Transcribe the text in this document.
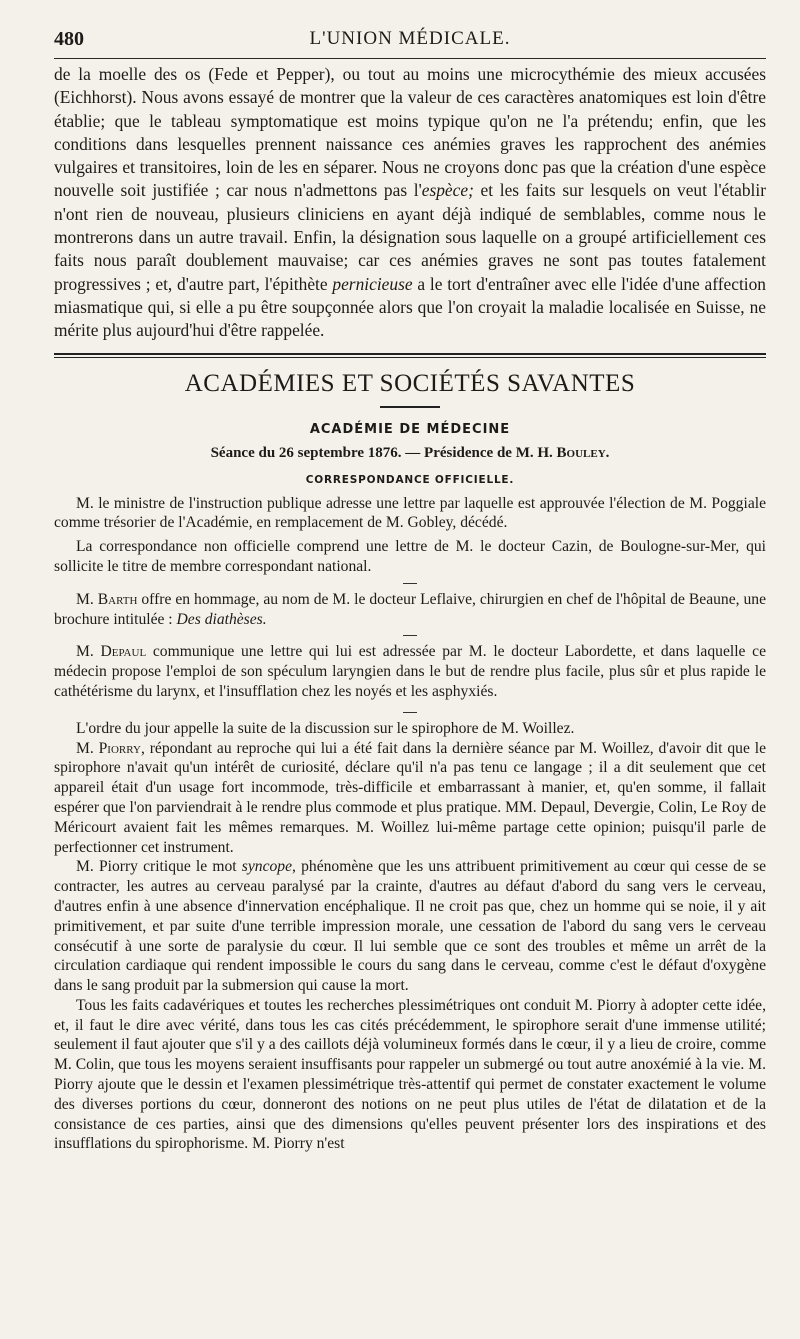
480	L'UNION MÉDICALE.

de la moelle des os (Fede et Pepper), ou tout au moins une microcythémie des mieux accusées (Eichhorst). Nous avons essayé de montrer que la valeur de ces caractères anatomiques est loin d'être établie; que le tableau symptomatique est moins typique qu'on ne l'a prétendu; enfin, que les conditions dans lesquelles prennent naissance ces anémies graves les rapprochent des anémies vulgaires et transitoires, loin de les en séparer. Nous ne croyons donc pas que la création d'une espèce nouvelle soit justifiée ; car nous n'admettons pas l'espèce; et les faits sur lesquels on veut l'établir n'ont rien de nouveau, plusieurs cliniciens en ayant déjà indiqué de semblables, comme nous le montrerons dans un autre travail. Enfin, la désignation sous laquelle on a groupé artificiellement ces faits nous paraît doublement mauvaise; car ces anémies graves ne sont pas toutes fatalement progressives ; et, d'autre part, l'épithète pernicieuse a le tort d'entraîner avec elle l'idée d'une affection miasmatique qui, si elle a pu être soupçonnée alors que l'on croyait la maladie localisée en Suisse, ne mérite plus aujourd'hui d'être rappelée.

ACADÉMIES ET SOCIÉTÉS SAVANTES
ACADÉMIE DE MÉDECINE
Séance du 26 septembre 1876. — Présidence de M. H. Bouley.
CORRESPONDANCE OFFICIELLE.

M. le ministre de l'instruction publique adresse une lettre par laquelle est approuvée l'élection de M. Poggiale comme trésorier de l'Académie, en remplacement de M. Gobley, décédé.

La correspondance non officielle comprend une lettre de M. le docteur Cazin, de Boulogne-sur-Mer, qui sollicite le titre de membre correspondant national.

M. Barth offre en hommage, au nom de M. le docteur Leflaive, chirurgien en chef de l'hôpital de Beaune, une brochure intitulée : Des diathèses.

M. Depaul communique une lettre qui lui est adressée par M. le docteur Labordette, et dans laquelle ce médecin propose l'emploi de son spéculum laryngien dans le but de rendre plus facile, plus sûr et plus rapide le cathétérisme du larynx, et l'insufflation chez les noyés et les asphyxiés.

L'ordre du jour appelle la suite de la discussion sur le spirophore de M. Woillez.

M. Piorry, répondant au reproche qui lui a été fait dans la dernière séance par M. Woillez, d'avoir dit que le spirophore n'avait qu'un intérêt de curiosité, déclare qu'il n'a pas tenu ce langage ; il a dit seulement que cet appareil était d'un usage fort incommode, très-difficile et embarrassant à manier, et, qu'en somme, il fallait espérer que l'on parviendrait à le rendre plus commode et plus pratique. MM. Depaul, Devergie, Colin, Le Roy de Méricourt avaient fait les mêmes remarques. M. Woillez lui-même partage cette opinion; puisqu'il parle de perfectionner cet instrument.

M. Piorry critique le mot syncope, phénomène que les uns attribuent primitivement au cœur qui cesse de se contracter, les autres au cerveau paralysé par la crainte, d'autres au défaut d'abord du sang vers le cerveau, d'autres enfin à une absence d'innervation encéphalique. Il ne croit pas que, chez un homme qui se noie, il y ait primitivement, et par suite d'une terrible impression morale, une cessation de l'abord du sang vers le cerveau consécutif à une sorte de paralysie du cœur. Il lui semble que ce sont des troubles et même un arrêt de la circulation cardiaque qui rendent impossible le cours du sang dans le cerveau, comme c'est le défaut d'oxygène dans le sang produit par la submersion qui cause la mort.

Tous les faits cadavériques et toutes les recherches plessimétriques ont conduit M. Piorry à adopter cette idée, et, il faut le dire avec vérité, dans tous les cas cités précédemment, le spirophore serait d'une immense utilité; seulement il faut ajouter que s'il y a des caillots déjà volumineux formés dans le cœur, il y a lieu de croire, comme M. Colin, que tous les moyens seraient insuffisants pour rappeler un submergé ou tout autre anoxémié à la vie. M. Piorry ajoute que le dessin et l'examen plessimétrique très-attentif qui permet de constater exactement le volume des diverses portions du cœur, donneront des notions on ne peut plus utiles de l'état de dilatation et de la consistance de ces parties, ainsi que des dimensions qu'elles peuvent présenter lors des inspirations et des insufflations du spirophorisme. M. Piorry n'est
